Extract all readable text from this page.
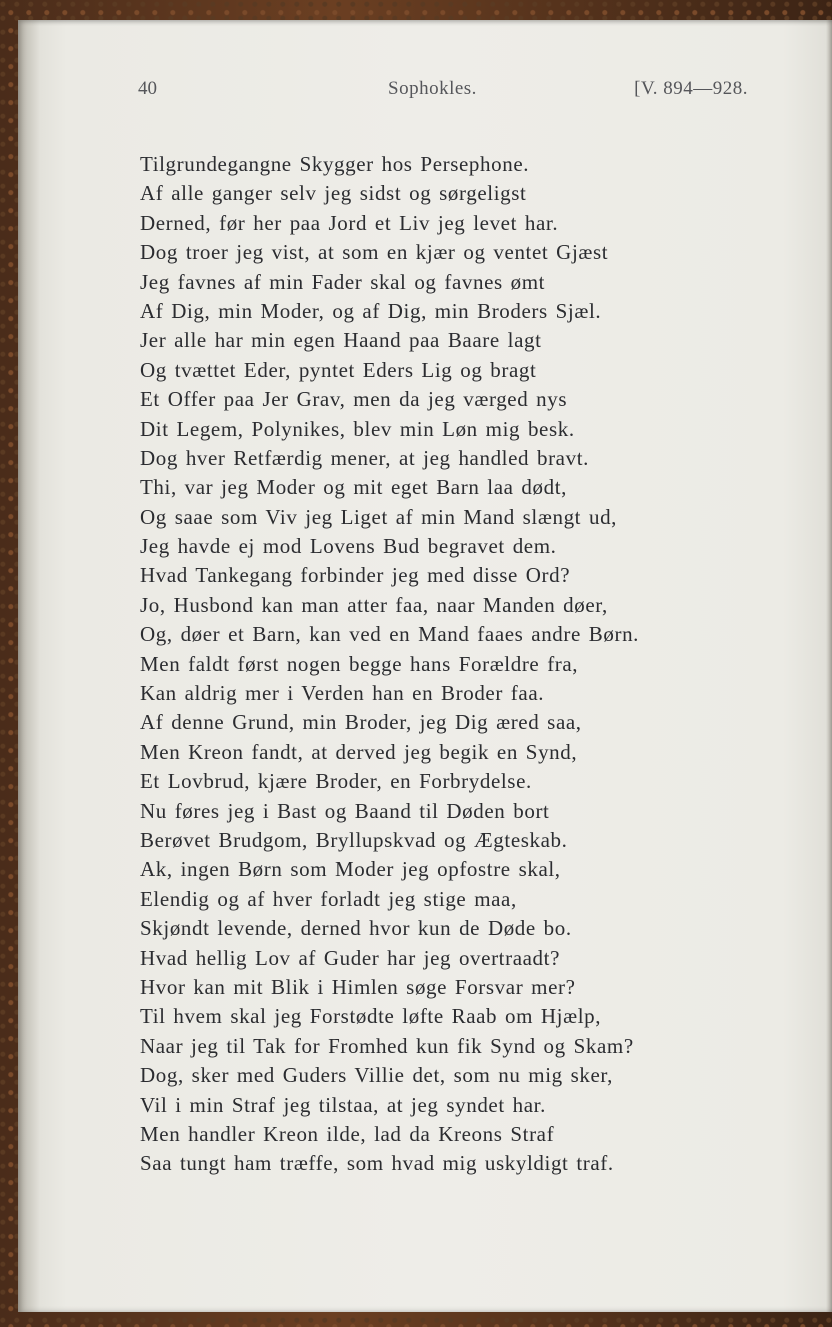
40	Sophokles.	[V. 894—928.
Tilgrundegangne Skygger hos Persephone.
Af alle ganger selv jeg sidst og sørgeligst
Derned, før her paa Jord et Liv jeg levet har.
Dog troer jeg vist, at som en kjær og ventet Gjæst
Jeg favnes af min Fader skal og favnes ømt
Af Dig, min Moder, og af Dig, min Broders Sjæl.
Jer alle har min egen Haand paa Baare lagt
Og tvættet Eder, pyntet Eders Lig og bragt
Et Offer paa Jer Grav, men da jeg værged nys
Dit Legem, Polynikes, blev min Løn mig besk.
Dog hver Retfærdig mener, at jeg handled bravt.
Thi, var jeg Moder og mit eget Barn laa dødt,
Og saae som Viv jeg Liget af min Mand slængt ud,
Jeg havde ej mod Lovens Bud begravet dem.
Hvad Tankegang forbinder jeg med disse Ord?
Jo, Husbond kan man atter faa, naar Manden døer,
Og, døer et Barn, kan ved en Mand faaes andre Børn.
Men faldt først nogen begge hans Forældre fra,
Kan aldrig mer i Verden han en Broder faa.
Af denne Grund, min Broder, jeg Dig æred saa,
Men Kreon fandt, at derved jeg begik en Synd,
Et Lovbrud, kjære Broder, en Forbrydelse.
Nu føres jeg i Bast og Baand til Døden bort
Berøvet Brudgom, Bryllupskvad og Ægteskab.
Ak, ingen Børn som Moder jeg opfostre skal,
Elendig og af hver forladt jeg stige maa,
Skjøndt levende, derned hvor kun de Døde bo.
Hvad hellig Lov af Guder har jeg overtraadt?
Hvor kan mit Blik i Himlen søge Forsvar mer?
Til hvem skal jeg Forstødte løfte Raab om Hjælp,
Naar jeg til Tak for Fromhed kun fik Synd og Skam?
Dog, sker med Guders Villie det, som nu mig sker,
Vil i min Straf jeg tilstaa, at jeg syndet har.
Men handler Kreon ilde, lad da Kreons Straf
Saa tungt ham træffe, som hvad mig uskyldigt traf.
